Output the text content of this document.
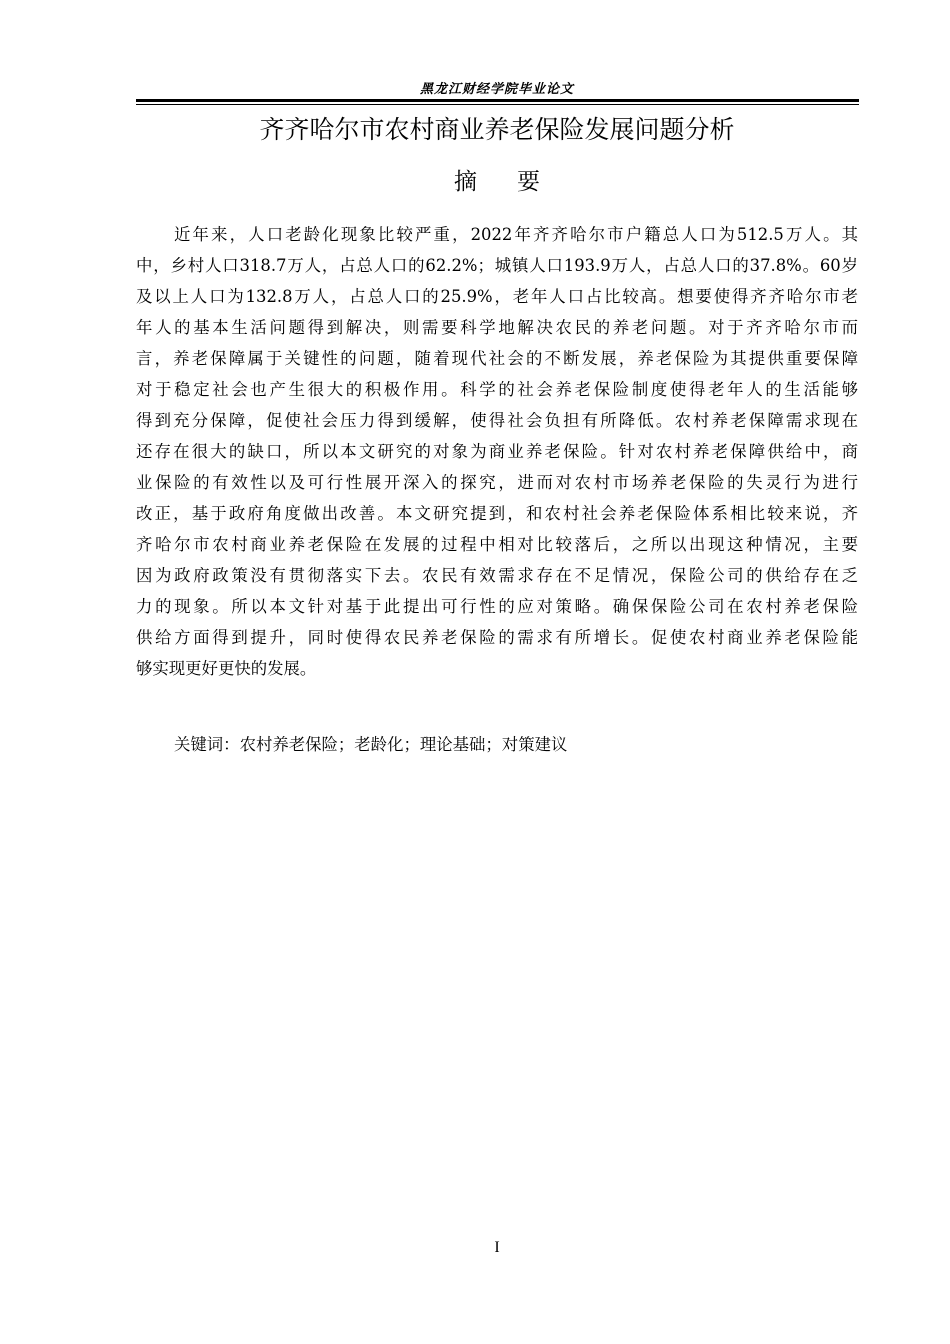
黑龙江财经学院毕业论文
齐齐哈尔市农村商业养老保险发展问题分析
摘要
近年来，人口老龄化现象比较严重，2022年齐齐哈尔市户籍总人口为512.5万人。其
中，乡村人口318.7万人，占总人口的62.2%；城镇人口193.9万人，占总人口的37.8%。60岁
及以上人口为132.8万人，占总人口的25.9%，老年人口占比较高。想要使得齐齐哈尔市老
年人的基本生活问题得到解决，则需要科学地解决农民的养老问题。对于齐齐哈尔市而
言，养老保障属于关键性的问题，随着现代社会的不断发展，养老保险为其提供重要保障
对于稳定社会也产生很大的积极作用。科学的社会养老保险制度使得老年人的生活能够
得到充分保障，促使社会压力得到缓解，使得社会负担有所降低。农村养老保障需求现在
还存在很大的缺口，所以本文研究的对象为商业养老保险。针对农村养老保障供给中，商
业保险的有效性以及可行性展开深入的探究，进而对农村市场养老保险的失灵行为进行
改正，基于政府角度做出改善。本文研究提到，和农村社会养老保险体系相比较来说，齐
齐哈尔市农村商业养老保险在发展的过程中相对比较落后，之所以出现这种情况，主要
因为政府政策没有贯彻落实下去。农民有效需求存在不足情况，保险公司的供给存在乏
力的现象。所以本文针对基于此提出可行性的应对策略。确保保险公司在农村养老保险
供给方面得到提升，同时使得农民养老保险的需求有所增长。促使农村商业养老保险能
够实现更好更快的发展。
关键词：农村养老保险；老龄化；理论基础；对策建议
I
